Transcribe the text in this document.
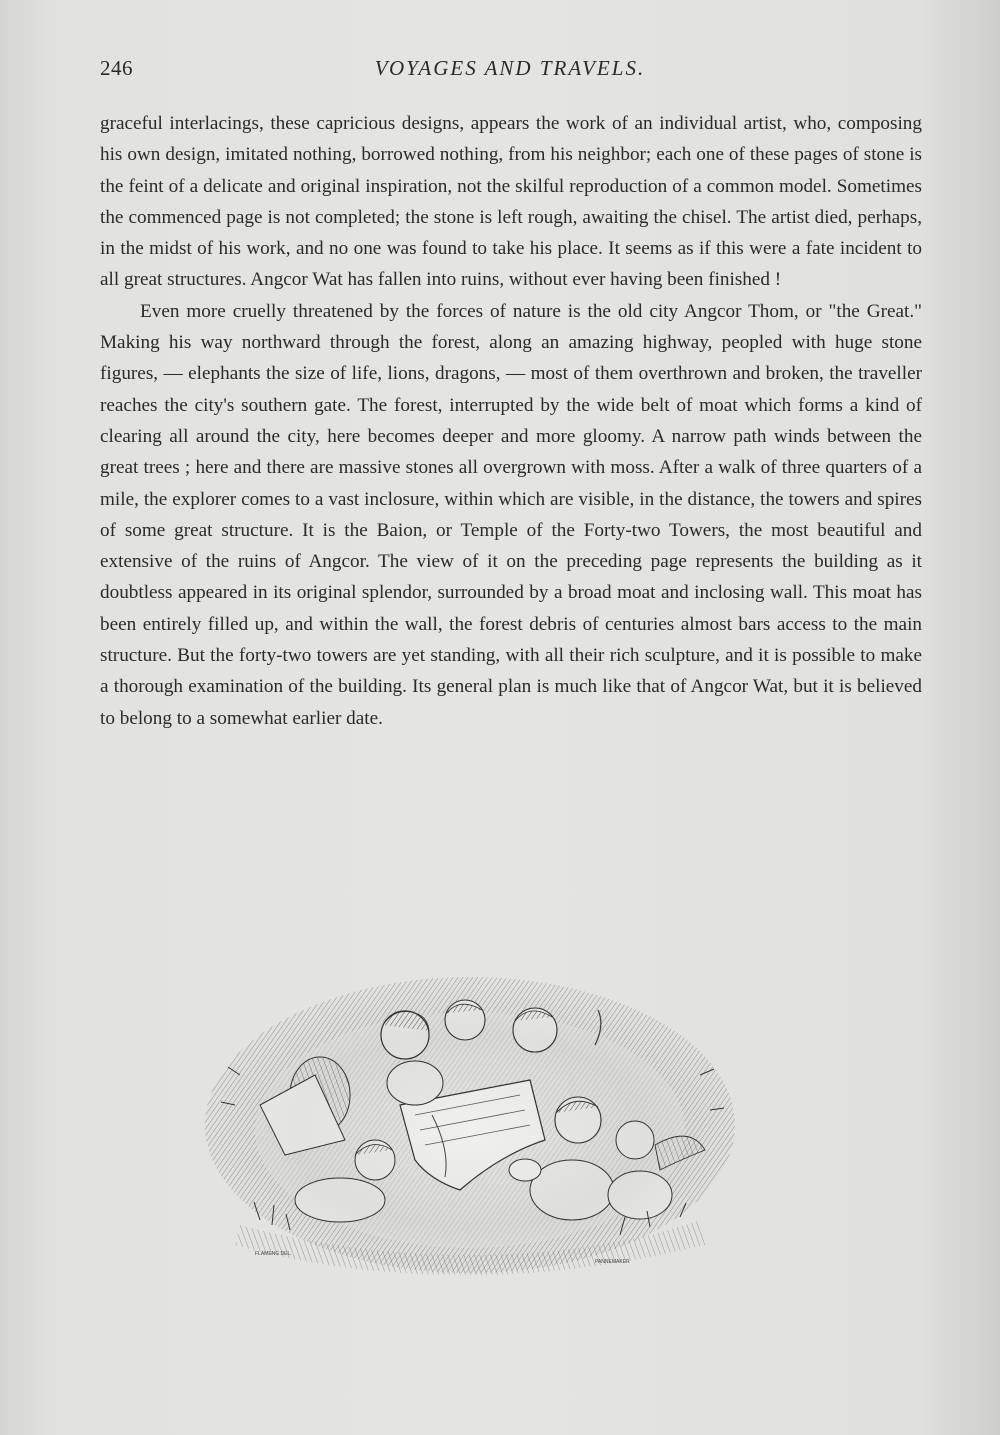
246	VOYAGES AND TRAVELS.

graceful interlacings, these capricious designs, appears the work of an individual artist, who, composing his own design, imitated nothing, borrowed nothing, from his neighbor; each one of these pages of stone is the feint of a delicate and original inspiration, not the skilful reproduction of a common model. Sometimes the commenced page is not completed; the stone is left rough, awaiting the chisel. The artist died, perhaps, in the midst of his work, and no one was found to take his place. It seems as if this were a fate incident to all great structures. Angcor Wat has fallen into ruins, without ever having been finished !

Even more cruelly threatened by the forces of nature is the old city Angcor Thom, or "the Great." Making his way northward through the forest, along an amazing highway, peopled with huge stone figures, — elephants the size of life, lions, dragons, — most of them overthrown and broken, the traveller reaches the city's southern gate. The forest, interrupted by the wide belt of moat which forms a kind of clearing all around the city, here becomes deeper and more gloomy. A narrow path winds between the great trees ; here and there are massive stones all overgrown with moss. After a walk of three quarters of a mile, the explorer comes to a vast inclosure, within which are visible, in the distance, the towers and spires of some great structure. It is the Baion, or Temple of the Forty-two Towers, the most beautiful and extensive of the ruins of Angcor. The view of it on the preceding page represents the building as it doubtless appeared in its original splendor, surrounded by a broad moat and inclosing wall. This moat has been entirely filled up, and within the wall, the forest debris of centuries almost bars access to the main structure. But the forty-two towers are yet standing, with all their rich sculpture, and it is possible to make a thorough examination of the building. Its general plan is much like that of Angcor Wat, but it is believed to belong to a somewhat earlier date.

FLAMENG DEL.
PANNEMAKER
